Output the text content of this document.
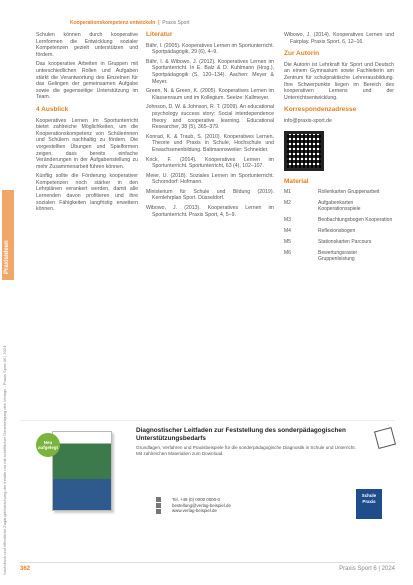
Nachdruck und öffentliche Zugänglichmachung der Inhalte nur mit schriftlicher Genehmigung des Verlags - Praxis Sport 06 | 2024
Praxisideen
Kooperationskompetenz entwickeln  |  Praxis Sport

Schulen können durch kooperative Lernformen die Entwicklung sozialer Kompetenzen gezielt unterstützen und fördern.

Das kooperative Arbeiten in Gruppen mit unterschiedlichen Rollen und Aufgaben stärkt die Verantwortung des Einzelnen für das Gelingen der gemeinsamen Aufgabe sowie die gegenseitige Unterstützung im Team.

4 Ausblick

Kooperatives Lernen im Sportunterricht bietet zahlreiche Möglichkeiten, um die Kooperationskompetenz von Schülerinnen und Schülern nachhaltig zu fördern. Die vorgestellten Übungen und Spielformen zeigen, dass bereits einfache Veränderungen in der Aufgabenstellung zu mehr Zusammenarbeit führen können.

Künftig sollte die Förderung kooperativer Kompetenzen noch stärker in den Lehrplänen verankert werden, damit alle Lernenden davon profitieren und ihre sozialen Fähigkeiten langfristig erweitern können.

Literatur

Bähr, I. (2005). Kooperatives Lernen im Sportunterricht. Sportpädagogik, 29 (6), 4–9.

Bähr, I. & Wibowo, J. (2012). Kooperatives Lernen im Sportunterricht. In E. Balz & D. Kuhlmann (Hrsg.), Sportpädagogik (S. 120–134). Aachen: Meyer & Meyer.

Green, N. & Green, K. (2005). Kooperatives Lernen im Klassenraum und im Kollegium. Seelze: Kallmeyer.

Johnson, D. W. & Johnson, R. T. (2009). An educational psychology success story: Social interdependence theory and cooperative learning. Educational Researcher, 38 (5), 365–379.

Konrad, K. & Traub, S. (2010). Kooperatives Lernen. Theorie und Praxis in Schule, Hochschule und Erwachsenenbildung. Baltmannsweiler: Schneider.

Krick, F. (2014). Kooperatives Lernen im Sportunterricht. Sportunterricht, 63 (4), 102–107.

Meier, U. (2018). Soziales Lernen im Sportunterricht. Schorndorf: Hofmann.

Ministerium für Schule und Bildung (2019). Kernlehrplan Sport. Düsseldorf.

Wibowo, J. (2013). Kooperatives Lernen im Sportunterricht. Praxis Sport, 4, 5–9.

Wibowo, J. (2014). Kooperatives Lernen und Fairplay. Praxis Sport, 6, 12–16.

Zur Autorin

Die Autorin ist Lehrkraft für Sport und Deutsch an einem Gymnasium sowie Fachleiterin am Zentrum für schulpraktische Lehrerausbildung. Ihre Schwerpunkte liegen im Bereich des kooperativen Lernens und der Unterrichtsentwicklung.

Korrespondenzadresse

info@praxis-sport.de

Material
M1	Rollenkarten Gruppenarbeit
M2	Aufgabenkarten Kooperationsspiele
M3	Beobachtungsbogen Kooperation
M4	Reflexionsbogen
M5	Stationskarten Parcours
M6	Bewertungsraster Gruppenleistung
Neu aufgelegt
Diagnostischer Leitfaden zur Feststellung des sonderpädagogischen Unterstützungsbedarfs
Grundlagen, Verfahren und Praxisbeispiele für die sonderpädagogische Diagnostik in Schule und Unterricht. Mit zahlreichen Materialien zum Download.
Tel. +49 (0) 0000 0000-0
bestellung@verlag-beispiel.de
www.verlag-beispiel.de
Schule Praxis
362	Praxis Sport 6 | 2024
